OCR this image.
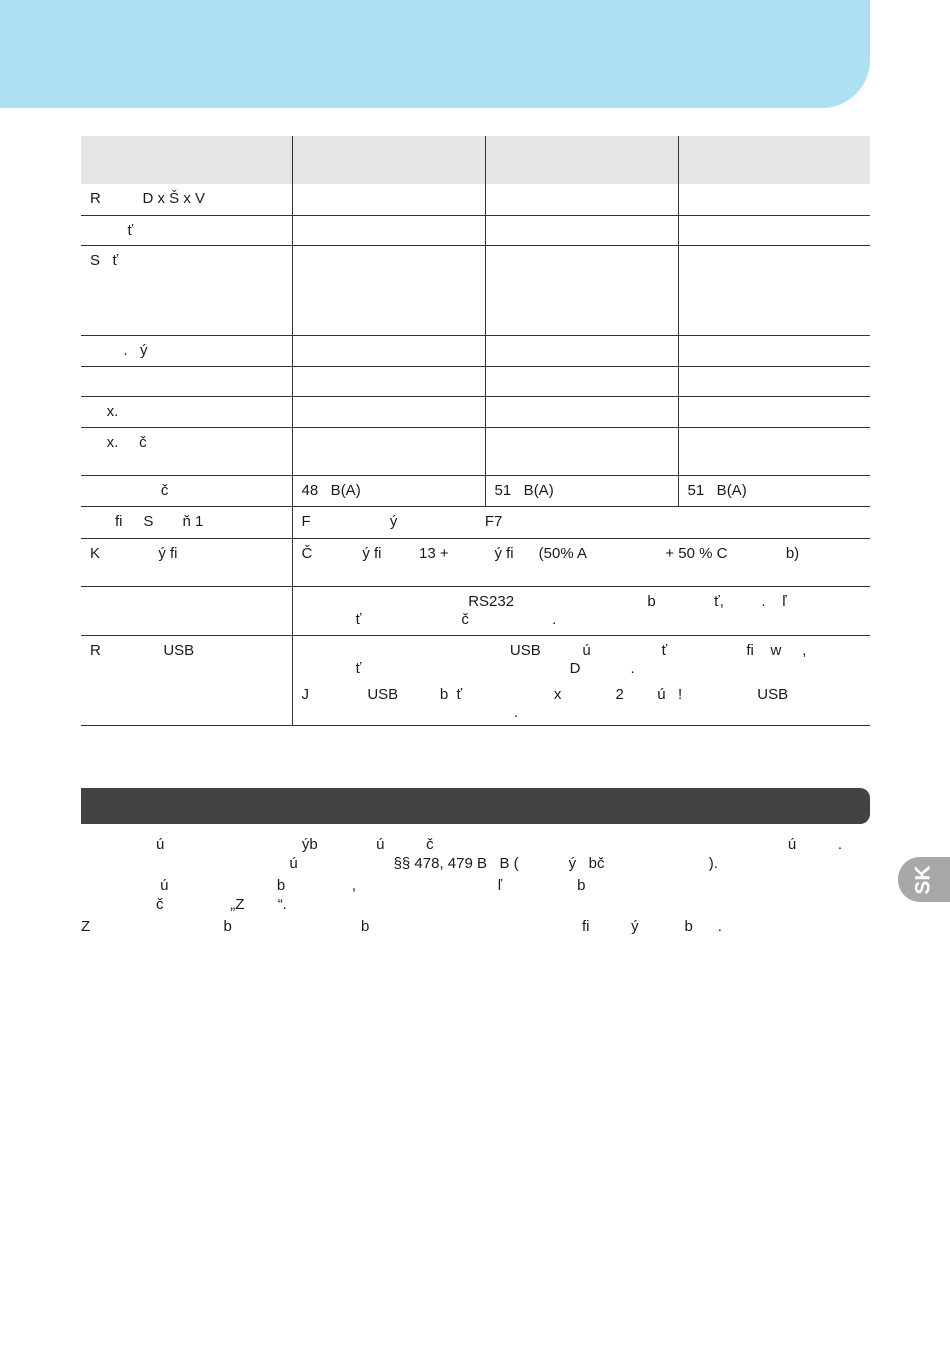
R          D x Š x V			
ť			
S   ť			
.   ý			

x.			
x.     č			
č	48   B(A)	51   B(A)	51   B(A)
fi     S       ň 1	F                   ý                     F7		
K              ý fi	Č            ý fi         13 +           ý fi      (50% A                   + 50 % C              b)		

	RS232                                b              ť,         .    ľ
ť                        č                    .		

R               USB	USB          ú                 ť                   fi    w     ,
ť                                                  D            .
J              USB          b  ť                      x             2        ú   !                  USB
.		
ú                                 ýb              ú          č                                                                                     ú          .
ú                       §§ 478, 479 B   B (            ý   bč                         ).
ú                          b                ,                                  ľ                  b
č                „Z        “.
Z                                b                               b                                                   fi          ý           b      .
SK
